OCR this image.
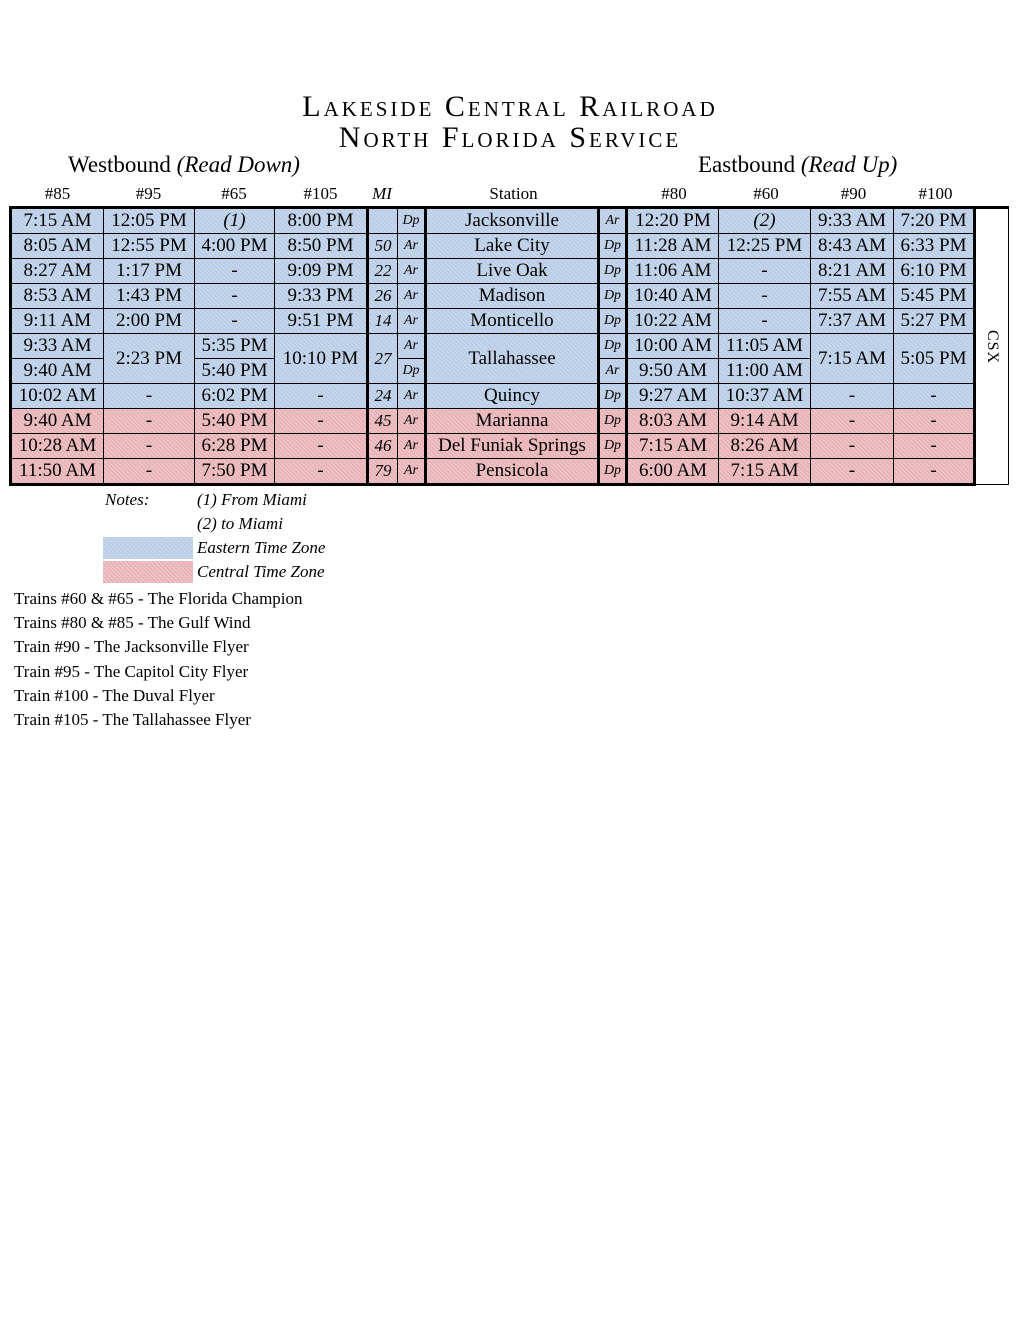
Lakeside Central Railroad
North Florida Service
Westbound (Read Down)	Eastbound (Read Up)
#85	#95	#65	#105	MI	Station	#80	#60	#90	#100
7:15 AM	12:05 PM	(1)	8:00 PM		Dp	Jacksonville	Ar	12:20 PM	(2)	9:33 AM	7:20 PM	CSX

8:05 AM	12:55 PM	4:00 PM	8:50 PM	50	Ar	Lake City	Dp	11:28 AM	12:25 PM	8:43 AM	6:33 PM	
8:27 AM	1:17 PM	-	9:09 PM	22	Ar	Live Oak	Dp	11:06 AM	-	8:21 AM	6:10 PM	
8:53 AM	1:43 PM	-	9:33 PM	26	Ar	Madison	Dp	10:40 AM	-	7:55 AM	5:45 PM	
9:11 AM	2:00 PM	-	9:51 PM	14	Ar	Monticello	Dp	10:22 AM	-	7:37 AM	5:27 PM	
9:33 AM	2:23 PM	5:35 PM	10:10 PM	27	Ar	Tallahassee	Dp	10:00 AM	11:05 AM	7:15 AM	5:05 PM	
9:40 AM		5:40 PM			Dp		Ar	9:50 AM	11:00 AM			
10:02 AM	-	6:02 PM	-	24	Ar	Quincy	Dp	9:27 AM	10:37 AM	-	-	
9:40 AM	-	5:40 PM	-	45	Ar	Marianna	Dp	8:03 AM	9:14 AM	-	-	
10:28 AM	-	6:28 PM	-	46	Ar	Del Funiak Springs	Dp	7:15 AM	8:26 AM	-	-	
11:50 AM	-	7:50 PM	-	79	Ar	Pensicola	Dp	6:00 AM	7:15 AM	-	-	
Notes:	(1) From Miami
(2) to Miami
Eastern Time Zone
Central Time Zone
Trains #60 & #65 - The Florida Champion
Trains #80 & #85 - The Gulf Wind
Train #90 - The Jacksonville Flyer
Train #95 - The Capitol City Flyer
Train #100 - The Duval Flyer
Train #105 - The Tallahassee Flyer
